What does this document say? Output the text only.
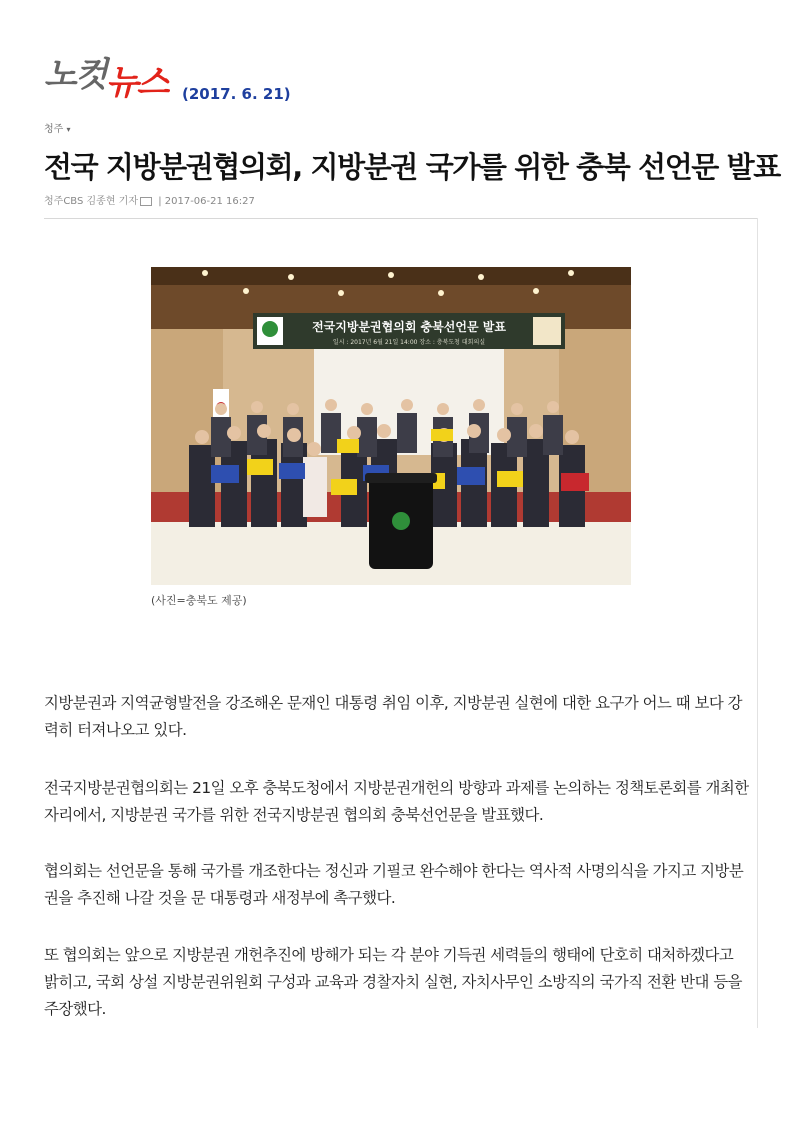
노컷뉴스 (2017. 6. 21)
청주 ▾
전국 지방분권협의회, 지방분권 국가를 위한 충북 선언문 발표
청주CBS 김종현 기자 | 2017-06-21 16:27
전국지방분권협의회 충북선언문 발표
일시 : 2017년 6월 21일 14:00 장소 : 충북도청 대회의실
(사진=충북도 제공)

지방분권과 지역균형발전을 강조해온 문재인 대통령 취임 이후, 지방분권 실현에 대한 요구가 어느 때 보다 강력히 터져나오고 있다.

전국지방분권협의회는 21일 오후 충북도청에서 지방분권개헌의 방향과 과제를 논의하는 정책토론회를 개최한 자리에서, 지방분권 국가를 위한 전국지방분권 협의회 충북선언문을 발표했다.

협의회는 선언문을 통해 국가를 개조한다는 정신과 기필코 완수해야 한다는 역사적 사명의식을 가지고 지방분권을 추진해 나갈 것을 문 대통령과 새정부에 촉구했다.

또 협의회는 앞으로 지방분권 개헌추진에 방해가 되는 각 분야 기득권 세력들의 행태에 단호히 대처하겠다고 밝히고, 국회 상설 지방분권위원회 구성과 교육과 경찰자치 실현, 자치사무인 소방직의 국가직 전환 반대 등을 주장했다.
